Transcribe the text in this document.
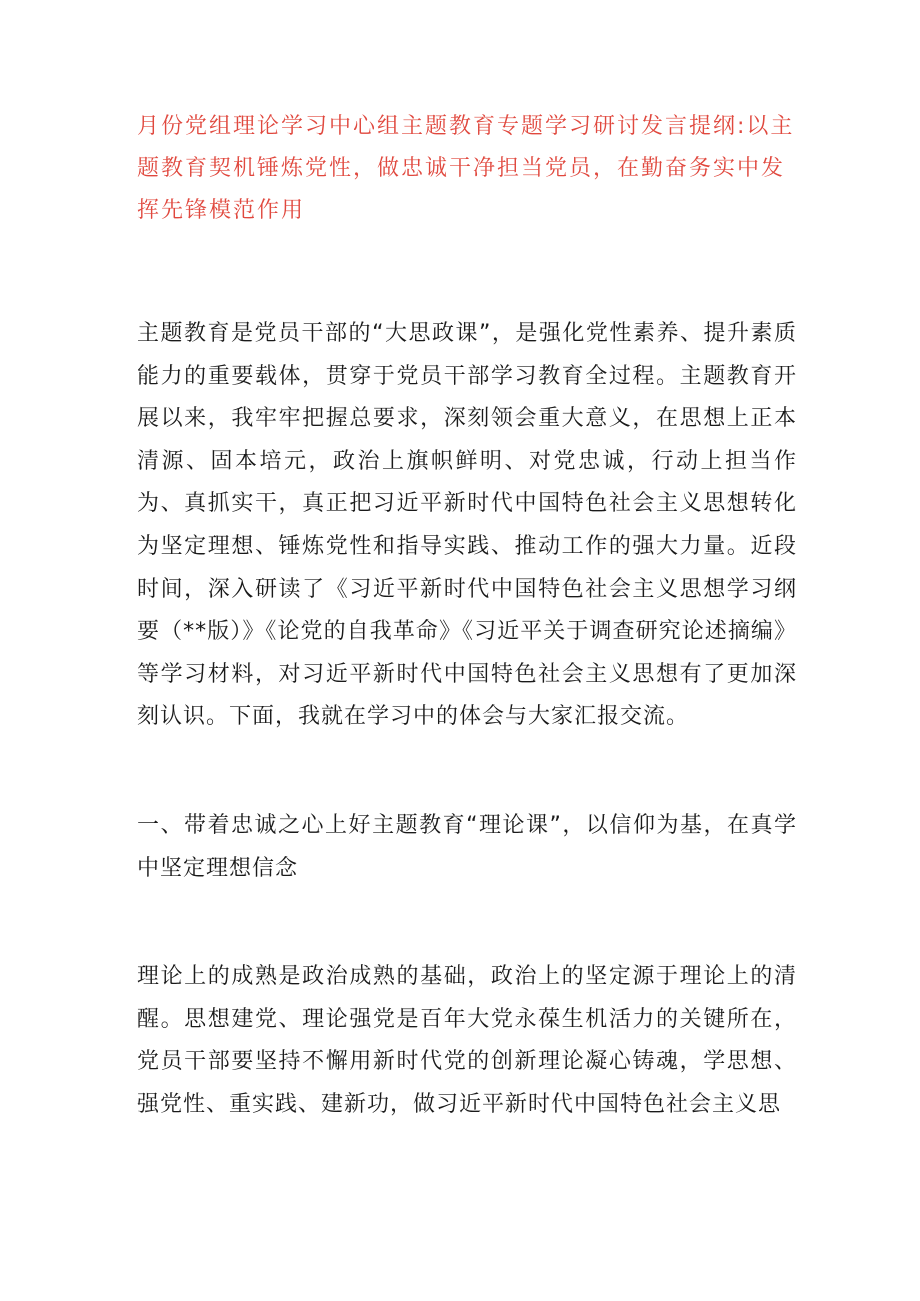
月份党组理论学习中心组主题教育专题学习研讨发言提纲:以主题教育契机锤炼党性，做忠诚干净担当党员，在勤奋务实中发挥先锋模范作用

主题教育是党员干部的“大思政课”，是强化党性素养、提升素质能力的重要载体，贯穿于党员干部学习教育全过程。主题教育开展以来，我牢牢把握总要求，深刻领会重大意义，在思想上正本清源、固本培元，政治上旗帜鲜明、对党忠诚，行动上担当作为、真抓实干，真正把习近平新时代中国特色社会主义思想转化为坚定理想、锤炼党性和指导实践、推动工作的强大力量。近段时间，深入研读了《习近平新时代中国特色社会主义思想学习纲要（**版）》《论党的自我革命》《习近平关于调查研究论述摘编》等学习材料，对习近平新时代中国特色社会主义思想有了更加深刻认识。下面，我就在学习中的体会与大家汇报交流。

一、带着忠诚之心上好主题教育“理论课”，以信仰为基，在真学中坚定理想信念

理论上的成熟是政治成熟的基础，政治上的坚定源于理论上的清醒。思想建党、理论强党是百年大党永葆生机活力的关键所在，党员干部要坚持不懈用新时代党的创新理论凝心铸魂，学思想、强党性、重实践、建新功，做习近平新时代中国特色社会主义思
